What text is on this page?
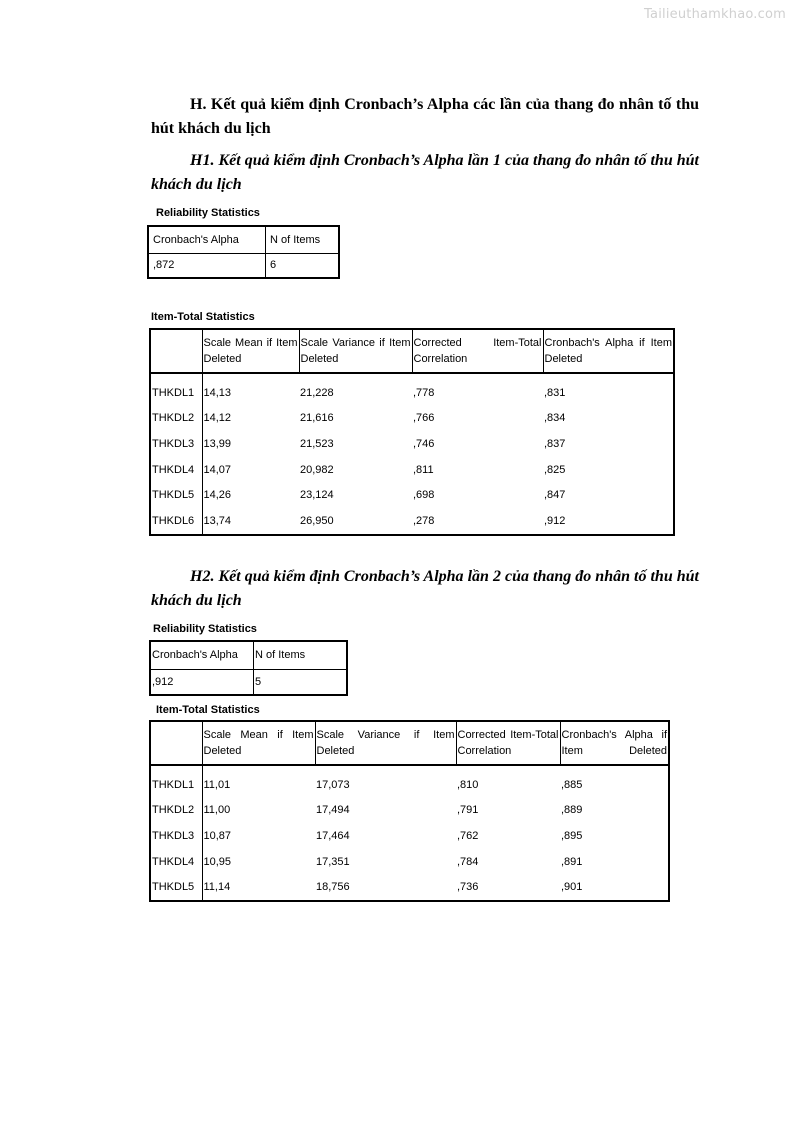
Tailieuthamkhao.com
H. Kết quả kiểm định Cronbach’s Alpha các lần của thang đo nhân tố thu hút khách du lịch
H1. Kết quả kiểm định Cronbach’s Alpha lần 1 của thang đo nhân tố thu hút khách du lịch
Reliability Statistics
Cronbach's Alpha	N of Items
,872	6
Item-Total Statistics
	Scale Mean if Item Deleted	Scale Variance if Item Deleted	Corrected Item-Total Correlation	Cronbach's Alpha if Item Deleted
THKDL1	14,13	21,228	,778	,831
THKDL2	14,12	21,616	,766	,834
THKDL3	13,99	21,523	,746	,837
THKDL4	14,07	20,982	,811	,825
THKDL5	14,26	23,124	,698	,847
THKDL6	13,74	26,950	,278	,912
H2. Kết quả kiểm định Cronbach’s Alpha lần 2 của thang đo nhân tố thu hút khách du lịch
Reliability Statistics
Cronbach's Alpha	N of Items
,912	5
Item-Total Statistics
	Scale Mean if Item Deleted	Scale Variance if Item Deleted	Corrected Item-Total Correlation	Cronbach's Alpha if Item Deleted
THKDL1	11,01	17,073	,810	,885
THKDL2	11,00	17,494	,791	,889
THKDL3	10,87	17,464	,762	,895
THKDL4	10,95	17,351	,784	,891
THKDL5	11,14	18,756	,736	,901
